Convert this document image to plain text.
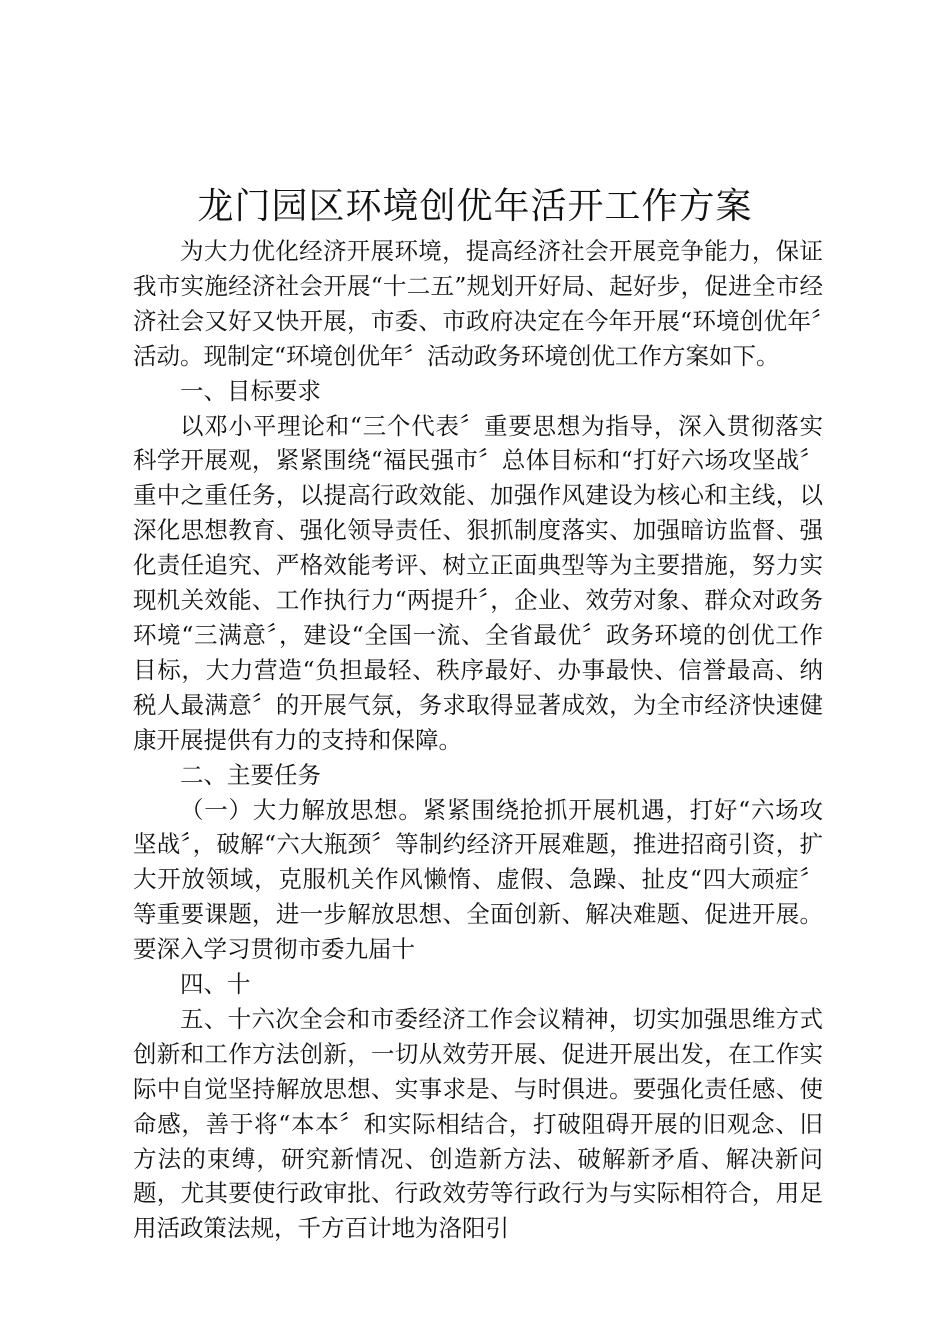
龙门园区环境创优年活开工作方案

为大力优化经济开展环境，提高经济社会开展竞争能力，保证我市实施经济社会开展“十二五”规划开好局、起好步，促进全市经济社会又好又快开展，市委、市政府决定在今年开展“环境创优年〞活动。现制定“环境创优年〞活动政务环境创优工作方案如下。

一、目标要求

以邓小平理论和“三个代表〞重要思想为指导，深入贯彻落实科学开展观，紧紧围绕“福民强市〞总体目标和“打好六场攻坚战〞重中之重任务，以提高行政效能、加强作风建设为核心和主线，以深化思想教育、强化领导责任、狠抓制度落实、加强暗访监督、强化责任追究、严格效能考评、树立正面典型等为主要措施，努力实现机关效能、工作执行力“两提升〞，企业、效劳对象、群众对政务环境“三满意〞，建设“全国一流、全省最优〞政务环境的创优工作目标，大力营造“负担最轻、秩序最好、办事最快、信誉最高、纳税人最满意〞的开展气氛，务求取得显著成效，为全市经济快速健康开展提供有力的支持和保障。

二、主要任务

（一）大力解放思想。紧紧围绕抢抓开展机遇，打好“六场攻坚战〞，破解“六大瓶颈〞等制约经济开展难题，推进招商引资，扩大开放领域，克服机关作风懒惰、虚假、急躁、扯皮“四大顽症〞等重要课题，进一步解放思想、全面创新、解决难题、促进开展。要深入学习贯彻市委九届十

四、十

五、十六次全会和市委经济工作会议精神，切实加强思维方式创新和工作方法创新，一切从效劳开展、促进开展出发，在工作实际中自觉坚持解放思想、实事求是、与时俱进。要强化责任感、使命感，善于将“本本〞和实际相结合，打破阻碍开展的旧观念、旧方法的束缚，研究新情况、创造新方法、破解新矛盾、解决新问题，尤其要使行政审批、行政效劳等行政行为与实际相符合，用足用活政策法规，千方百计地为洛阳引
